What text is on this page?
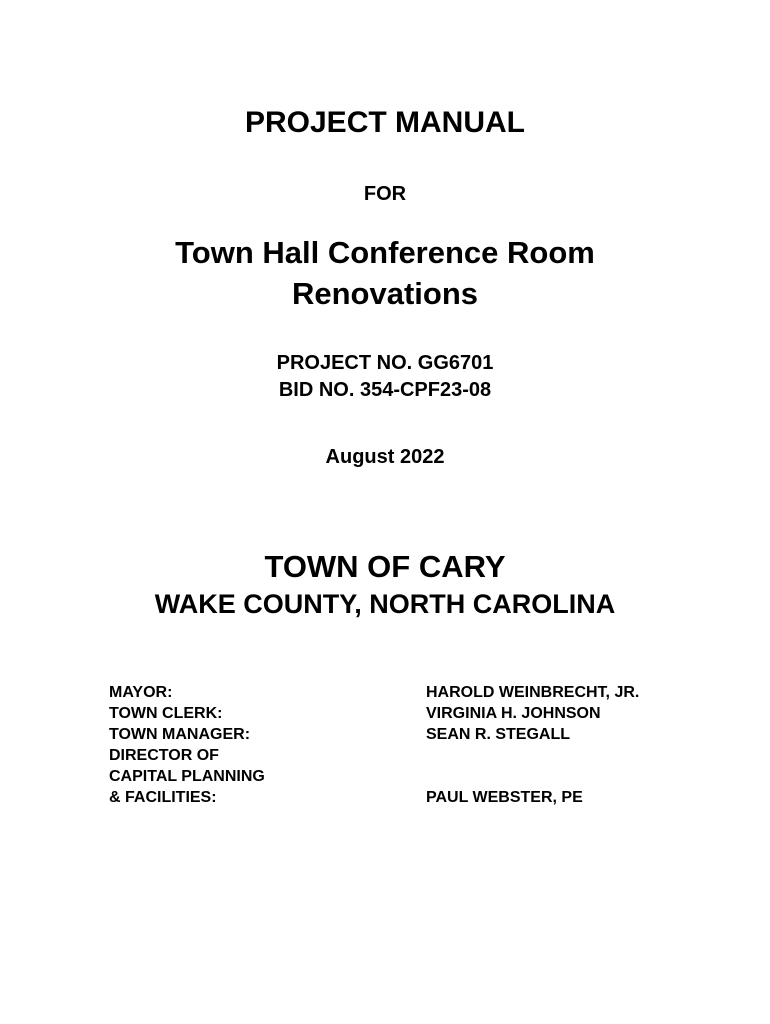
PROJECT MANUAL

FOR

Town Hall Conference Room

Renovations

PROJECT NO. GG6701

BID NO. 354-CPF23-08

August 2022

TOWN OF CARY

WAKE COUNTY, NORTH CAROLINA

MAYOR:	HAROLD WEINBRECHT, JR.
TOWN CLERK:	VIRGINIA H. JOHNSON
TOWN MANAGER:	SEAN R. STEGALL
DIRECTOR OF
CAPITAL PLANNING
& FACILITIES:	PAUL WEBSTER, PE
